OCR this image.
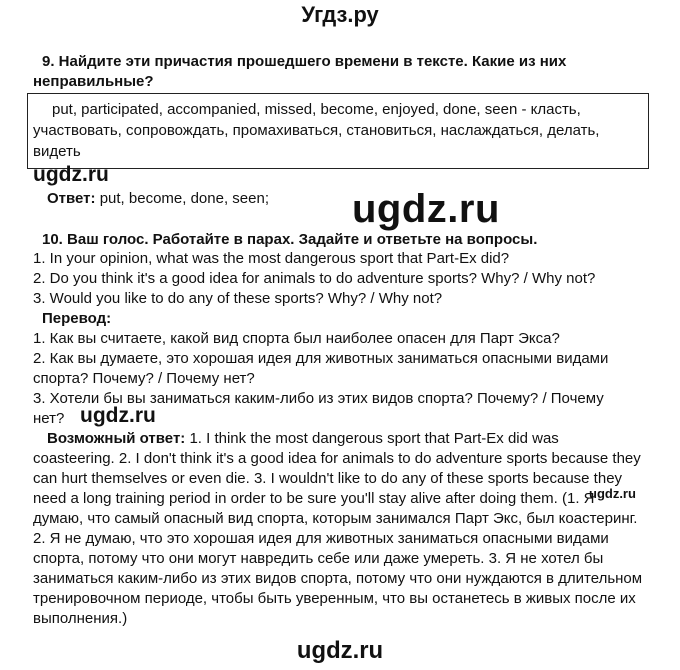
Угдз.ру
9. Найдите эти причастия прошедшего времени в тексте. Какие из них
неправильные?
put, participated, accompanied, missed, become, enjoyed, done, seen - класть,
участвовать, сопровождать, промахиваться, становиться, наслаждаться, делать,
видеть
ugdz.ru
Ответ: put, become, done, seen; ugdz.ru
10. Ваш голос. Работайте в парах. Задайте и ответьте на вопросы.
1. In your opinion, what was the most dangerous sport that Part-Ex did?
2. Do you think it's a good idea for animals to do adventure sports? Why? / Why not?
3. Would you like to do any of these sports? Why? / Why not?
Перевод:
1. Как вы считаете, какой вид спорта был наиболее опасен для Парт Экса?
2. Как вы думаете, это хорошая идея для животных заниматься опасными видами
спорта? Почему? / Почему нет?
3. Хотели бы вы заниматься каким-либо из этих видов спорта? Почему? / Почему
нет? ugdz.ru
Возможный ответ: 1. I think the most dangerous sport that Part-Ex did was
coasteering. 2. I don't think it's a good idea for animals to do adventure sports because they
can hurt themselves or even die. 3. I wouldn't like to do any of these sports because they
need a long training period in order to be sure you'll stay alive after doing them. (1. Я
ugdz.ru
думаю, что самый опасный вид спорта, которым занимался Парт Экс, был коастеринг.
2. Я не думаю, что это хорошая идея для животных заниматься опасными видами
спорта, потому что они могут навредить себе или даже умереть. 3. Я не хотел бы
заниматься каким-либо из этих видов спорта, потому что они нуждаются в длительном
тренировочном периоде, чтобы быть уверенным, что вы останетесь в живых после их
выполнения.)
ugdz.ru
